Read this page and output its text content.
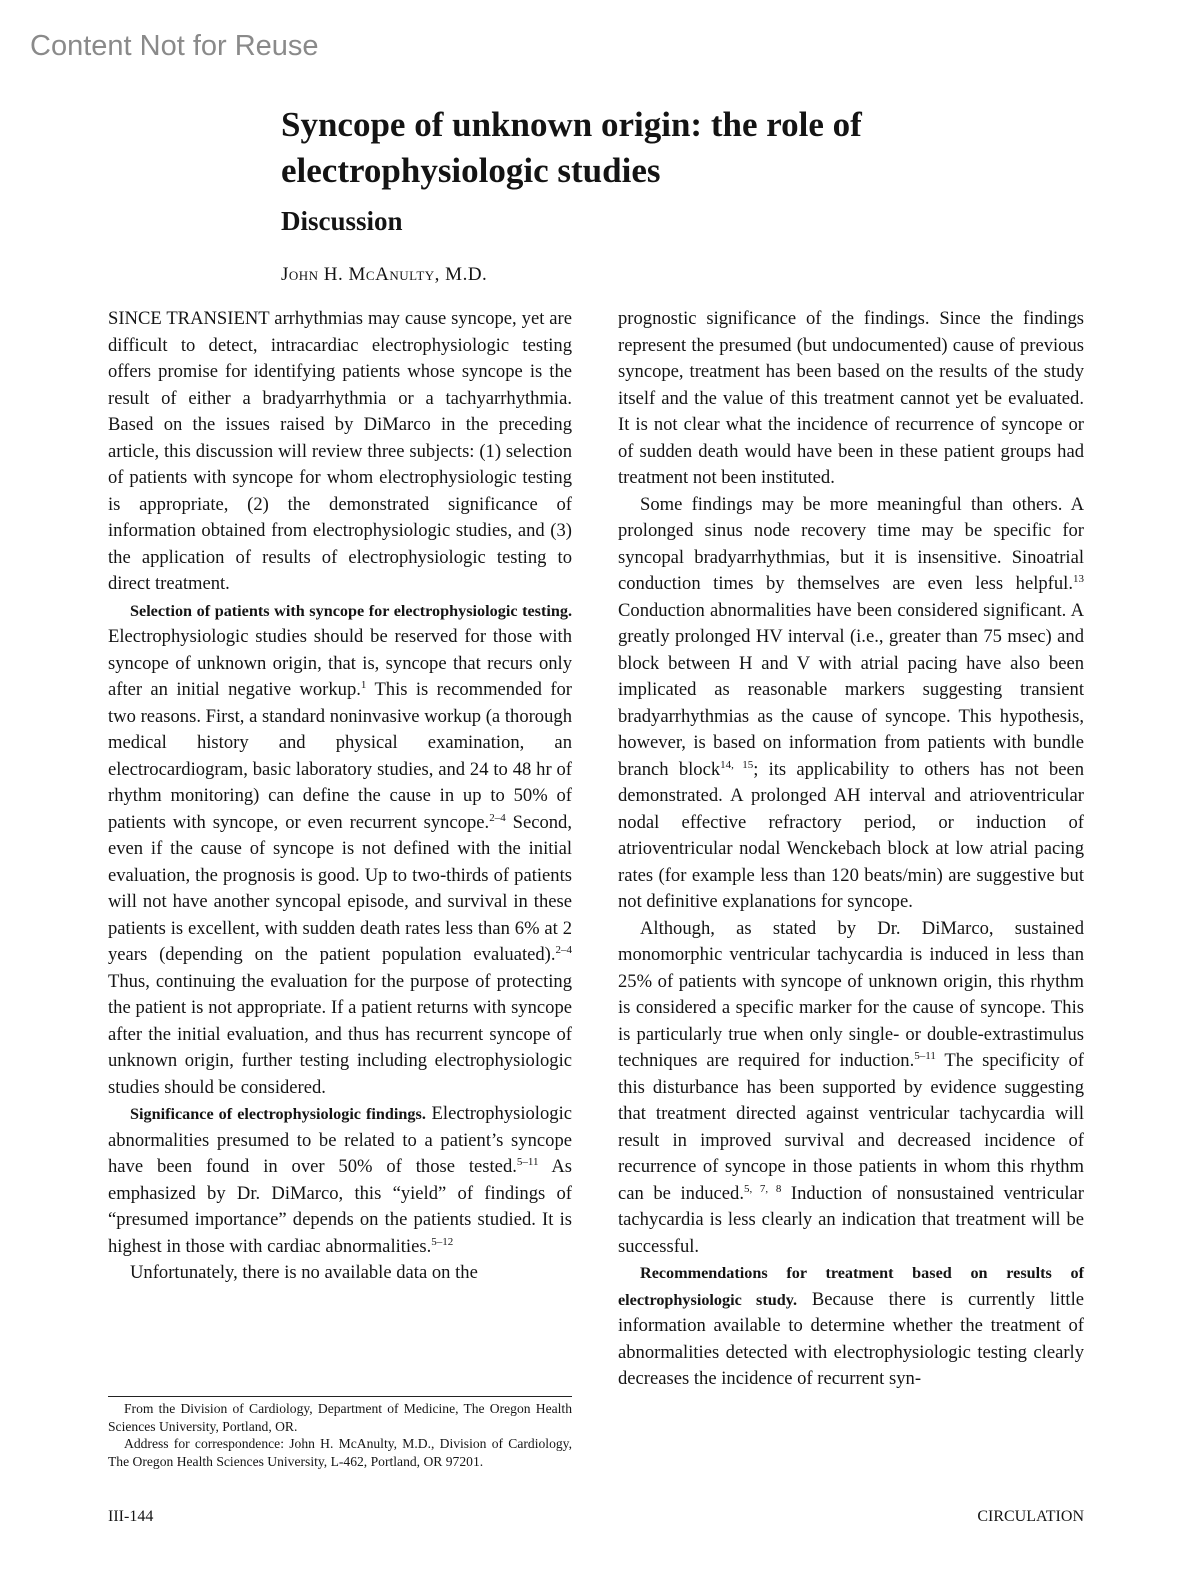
Content Not for Reuse
Syncope of unknown origin: the role of electrophysiologic studies
Discussion
John H. McAnulty, M.D.

SINCE TRANSIENT arrhythmias may cause syncope, yet are difficult to detect, intracardiac electrophysiologic testing offers promise for identifying patients whose syncope is the result of either a bradyarrhythmia or a tachyarrhythmia. Based on the issues raised by DiMarco in the preceding article, this discussion will review three subjects: (1) selection of patients with syncope for whom electrophysiologic testing is appropriate, (2) the demonstrated significance of information obtained from electrophysiologic studies, and (3) the application of results of electrophysiologic testing to direct treatment.

Selection of patients with syncope for electrophysiologic testing. Electrophysiologic studies should be reserved for those with syncope of unknown origin, that is, syncope that recurs only after an initial negative workup.$^1$ This is recommended for two reasons. First, a standard noninvasive workup (a thorough medical history and physical examination, an electrocardiogram, basic laboratory studies, and 24 to 48 hr of rhythm monitoring) can define the cause in up to 50% of patients with syncope, or even recurrent syncope.$^{2-4}$ Second, even if the cause of syncope is not defined with the initial evaluation, the prognosis is good. Up to two-thirds of patients will not have another syncopal episode, and survival in these patients is excellent, with sudden death rates less than 6% at 2 years (depending on the patient population evaluated).$^{2-4}$ Thus, continuing the evaluation for the purpose of protecting the patient is not appropriate. If a patient returns with syncope after the initial evaluation, and thus has recurrent syncope of unknown origin, further testing including electrophysiologic studies should be considered.

Significance of electrophysiologic findings. Electrophysiologic abnormalities presumed to be related to a patient’s syncope have been found in over 50% of those tested.$^{5-11}$ As emphasized by Dr. DiMarco, this “yield” of findings of “presumed importance” depends on the patients studied. It is highest in those with cardiac abnormalities.$^{5-12}$

Unfortunately, there is no available data on the

prognostic significance of the findings. Since the findings represent the presumed (but undocumented) cause of previous syncope, treatment has been based on the results of the study itself and the value of this treatment cannot yet be evaluated. It is not clear what the incidence of recurrence of syncope or of sudden death would have been in these patient groups had treatment not been instituted.

Some findings may be more meaningful than others. A prolonged sinus node recovery time may be specific for syncopal bradyarrhythmias, but it is insensitive. Sinoatrial conduction times by themselves are even less helpful.$^{13}$ Conduction abnormalities have been considered significant. A greatly prolonged HV interval (i.e., greater than 75 msec) and block between H and V with atrial pacing have also been implicated as reasonable markers suggesting transient bradyarrhythmias as the cause of syncope. This hypothesis, however, is based on information from patients with bundle branch block$^{14, 15}$; its applicability to others has not been demonstrated. A prolonged AH interval and atrioventricular nodal effective refractory period, or induction of atrioventricular nodal Wenckebach block at low atrial pacing rates (for example less than 120 beats/min) are suggestive but not definitive explanations for syncope.

Although, as stated by Dr. DiMarco, sustained monomorphic ventricular tachycardia is induced in less than 25% of patients with syncope of unknown origin, this rhythm is considered a specific marker for the cause of syncope. This is particularly true when only single- or double-extrastimulus techniques are required for induction.$^{5-11}$ The specificity of this disturbance has been supported by evidence suggesting that treatment directed against ventricular tachycardia will result in improved survival and decreased incidence of recurrence of syncope in those patients in whom this rhythm can be induced.$^{5, 7, 8}$ Induction of nonsustained ventricular tachycardia is less clearly an indication that treatment will be successful.

Recommendations for treatment based on results of electrophysiologic study. Because there is currently little information available to determine whether the treatment of abnormalities detected with electrophysiologic testing clearly decreases the incidence of recurrent syn-

From the Division of Cardiology, Department of Medicine, The Oregon Health Sciences University, Portland, OR.

Address for correspondence: John H. McAnulty, M.D., Division of Cardiology, The Oregon Health Sciences University, L-462, Portland, OR 97201.

III-144	CIRCULATION
